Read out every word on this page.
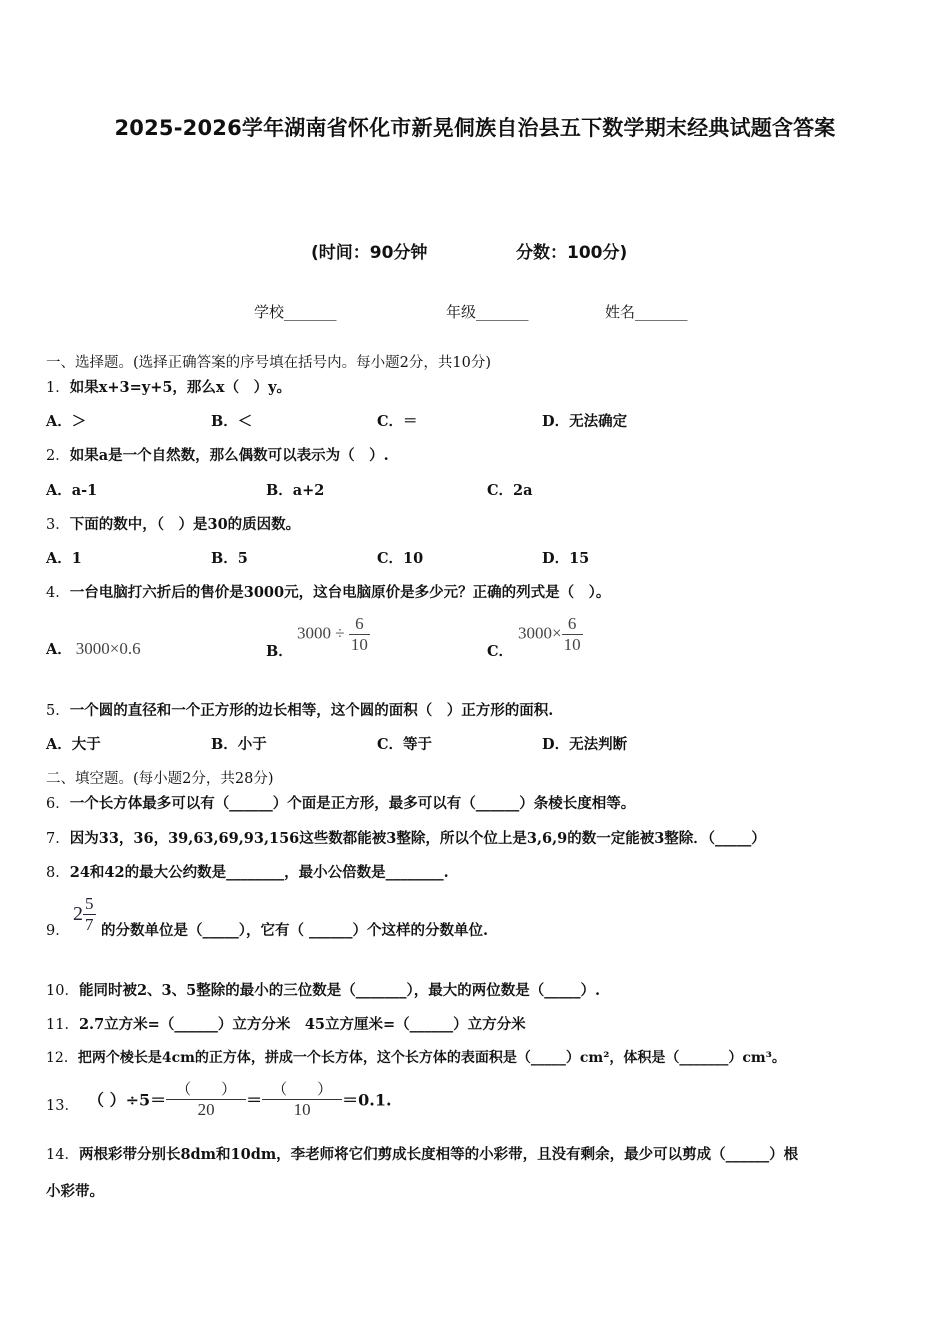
2025-2026学年湖南省怀化市新晃侗族自治县五下数学期末经典试题含答案
(时间：90分钟	分数：100分)
学校_______	年级_______	姓名_______
一、选择题。(选择正确答案的序号填在括号内。每小题2分，共10分)
1．如果x+3=y+5，那么x（　）y。
A．＞	B．＜	C．＝	D．无法确定
2．如果a是一个自然数，那么偶数可以表示为（　）.
A．a-1	B．a+2	C．2a
3．下面的数中，（　）是30的质因数。
A．1	B．5	C．10	D．15
4．一台电脑打六折后的售价是3000元，这台电脑原价是多少元？正确的列式是（　）。
A． 3000×0.6	B．
$3000 \div \frac{6}{10}$	C．
$3000\times \frac{6}{10}$
5．一个圆的直径和一个正方形的边长相等，这个圆的面积（　）正方形的面积.
A．大于	B．小于	C．等于	D．无法判断
二、填空题。(每小题2分，共28分)
6．一个长方体最多可以有（______）个面是正方形，最多可以有（______）条棱长度相等。
7．因为33，36，39,63,69,93,156这些数都能被3整除，所以个位上是3,6,9的数一定能被3整除．（_____）
8．24和42的最大公约数是________，最小公倍数是________.
9．
$2 \frac{5}{7}$ 的分数单位是（_____），它有（ ______）个这样的分数单位.
10．能同时被2、3、5整除的最小的三位数是（_______），最大的两位数是（_____）.
11．2.7立方米=（______）立方分米　45立方厘米=（______）立方分米
12．把两个棱长是4cm的正方体，拼成一个长方体，这个长方体的表面积是（_____）cm²，体积是（_______）cm³。
13． （ ）$\div 5= \frac{( )}{20} = \frac{( )}{10} =0.1$.
14．两根彩带分别长8dm和10dm，李老师将它们剪成长度相等的小彩带，且没有剩余，最少可以剪成（______）根
小彩带。
